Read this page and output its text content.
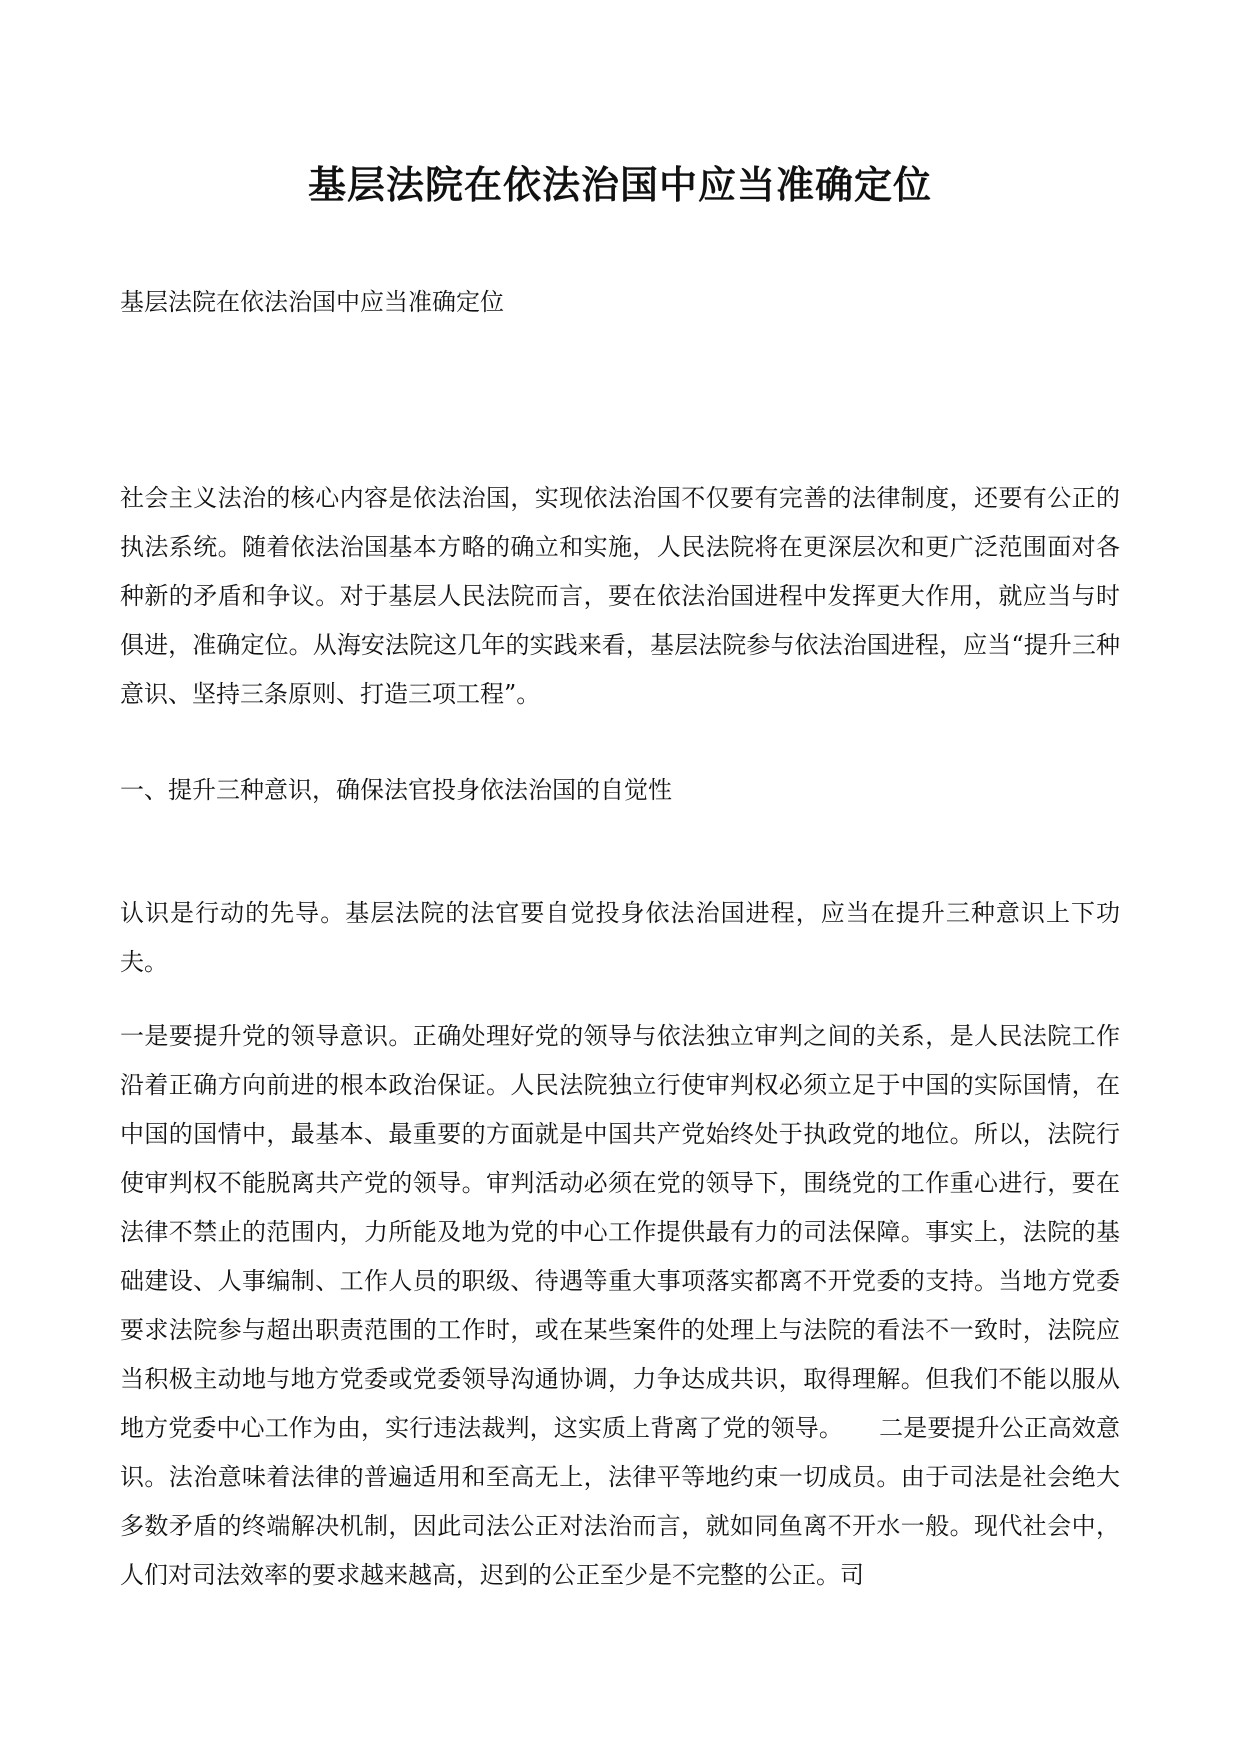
基层法院在依法治国中应当准确定位

基层法院在依法治国中应当准确定位

社会主义法治的核心内容是依法治国，实现依法治国不仅要有完善的法律制度，还要有公正的执法系统。随着依法治国基本方略的确立和实施，人民法院将在更深层次和更广泛范围面对各种新的矛盾和争议。对于基层人民法院而言，要在依法治国进程中发挥更大作用，就应当与时俱进，准确定位。从海安法院这几年的实践来看，基层法院参与依法治国进程，应当“提升三种意识、坚持三条原则、打造三项工程”。

一、提升三种意识，确保法官投身依法治国的自觉性

认识是行动的先导。基层法院的法官要自觉投身依法治国进程，应当在提升三种意识上下功夫。

一是要提升党的领导意识。正确处理好党的领导与依法独立审判之间的关系，是人民法院工作沿着正确方向前进的根本政治保证。人民法院独立行使审判权必须立足于中国的实际国情，在中国的国情中，最基本、最重要的方面就是中国共产党始终处于执政党的地位。所以，法院行使审判权不能脱离共产党的领导。审判活动必须在党的领导下，围绕党的工作重心进行，要在法律不禁止的范围内，力所能及地为党的中心工作提供最有力的司法保障。事实上，法院的基础建设、人事编制、工作人员的职级、待遇等重大事项落实都离不开党委的支持。当地方党委要求法院参与超出职责范围的工作时，或在某些案件的处理上与法院的看法不一致时，法院应当积极主动地与地方党委或党委领导沟通协调，力争达成共识，取得理解。但我们不能以服从地方党委中心工作为由，实行违法裁判，这实质上背离了党的领导。　　二是要提升公正高效意识。法治意味着法律的普遍适用和至高无上，法律平等地约束一切成员。由于司法是社会绝大多数矛盾的终端解决机制，因此司法公正对法治而言，就如同鱼离不开水一般。现代社会中，人们对司法效率的要求越来越高，迟到的公正至少是不完整的公正。司
